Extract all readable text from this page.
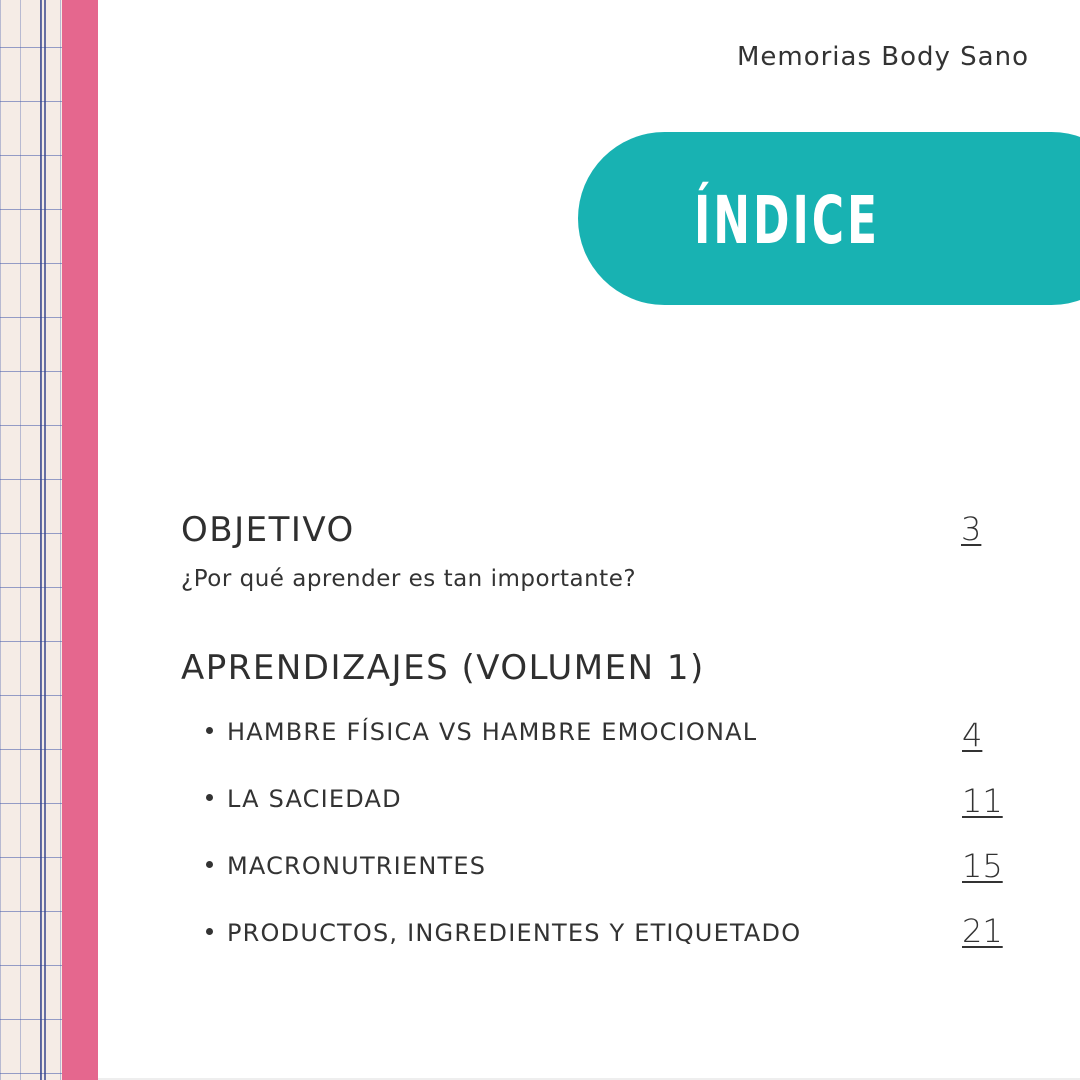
Memorias Body Sano
ÍNDICE
OBJETIVO	3
¿Por qué aprender es tan importante?
APRENDIZAJES (VOLUMEN 1)
HAMBRE FÍSICA VS HAMBRE EMOCIONAL	4
LA SACIEDAD	11
MACRONUTRIENTES	15
PRODUCTOS, INGREDIENTES Y ETIQUETADO	21
